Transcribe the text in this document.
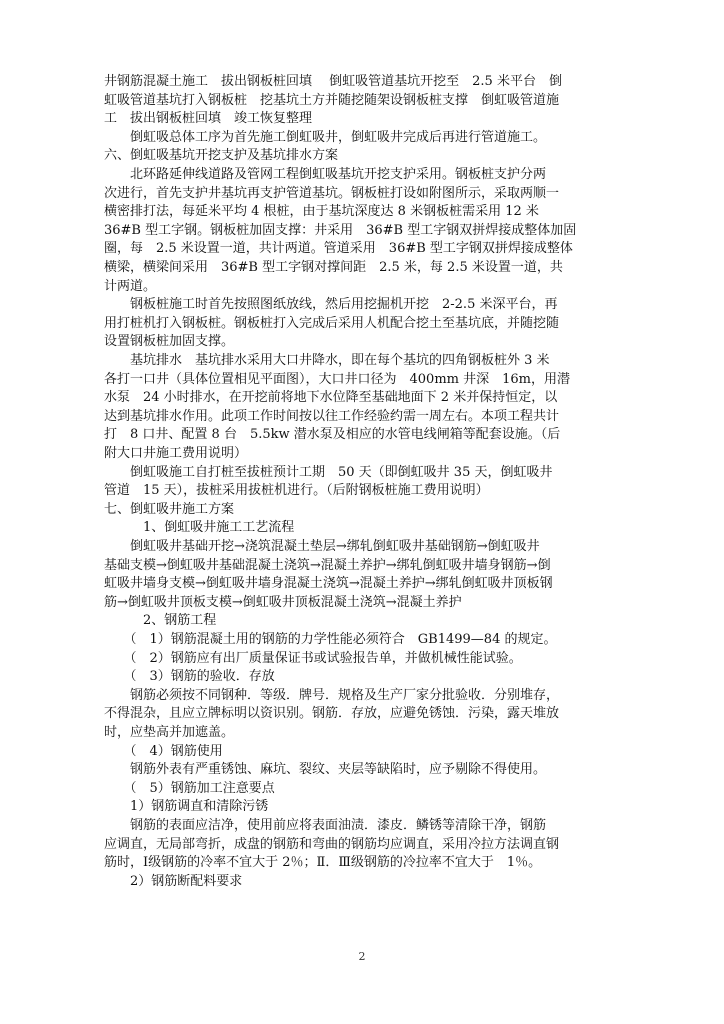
井钢筋混凝土施工　拔出钢板桩回填　 倒虹吸管道基坑开挖至　2.5 米平台　倒
虹吸管道基坑打入钢板桩　挖基坑土方并随挖随架设钢板桩支撑　倒虹吸管道施
工　拔出钢板桩回填　竣工恢复整理
　　倒虹吸总体工序为首先施工倒虹吸井，倒虹吸井完成后再进行管道施工。
六、倒虹吸基坑开挖支护及基坑排水方案
　　北环路延伸线道路及管网工程倒虹吸基坑开挖支护采用。钢板桩支护分两
次进行，首先支护井基坑再支护管道基坑。钢板桩打设如附图所示，采取两顺一
横密排打法，每延米平均 4 根桩，由于基坑深度达 8 米钢板桩需采用 12 米
36#B 型工字钢。钢板桩加固支撑：井采用　36#B 型工字钢双拼焊接成整体加固
圈，每　2.5 米设置一道，共计两道。管道采用　36#B 型工字钢双拼焊接成整体
横梁，横梁间采用　36#B 型工字钢对撑间距　2.5 米，每 2.5 米设置一道，共
计两道。
　　钢板桩施工时首先按照图纸放线，然后用挖掘机开挖　2-2.5 米深平台，再
用打桩机打入钢板桩。钢板桩打入完成后采用人机配合挖土至基坑底，并随挖随
设置钢板桩加固支撑。
　　基坑排水　基坑排水采用大口井降水，即在每个基坑的四角钢板桩外 3 米
各打一口井（具体位置相见平面图），大口井口径为　400mm 井深　16m，用潜
水泵　24 小时排水，在开挖前将地下水位降至基础地面下 2 米并保持恒定，以
达到基坑排水作用。此项工作时间按以往工作经验约需一周左右。本项工程共计
打　8 口井、配置 8 台　5.5kw 潜水泵及相应的水管电线闸箱等配套设施。（后
附大口井施工费用说明）
　　倒虹吸施工自打桩至拔桩预计工期　50 天（即倒虹吸井 35 天，倒虹吸井
管道　15 天），拔桩采用拔桩机进行。（后附钢板桩施工费用说明）
七、倒虹吸井施工方案
　　　1、倒虹吸井施工工艺流程
　　倒虹吸井基础开挖→浇筑混凝土垫层→绑轧倒虹吸井基础钢筋→倒虹吸井
基础支模→倒虹吸井基础混凝土浇筑→混凝土养护→绑轧倒虹吸井墙身钢筋→倒
虹吸井墙身支模→倒虹吸井墙身混凝土浇筑→混凝土养护→绑轧倒虹吸井顶板钢
筋→倒虹吸井顶板支模→倒虹吸井顶板混凝土浇筑→混凝土养护
　　　2、钢筋工程
　　（　1）钢筋混凝土用的钢筋的力学性能必须符合　GB1499—84 的规定。
　　（　2）钢筋应有出厂质量保证书或试验报告单，并做机械性能试验。
　　（　3）钢筋的验收．存放
　　钢筋必须按不同钢种．等级．牌号．规格及生产厂家分批验收．分别堆存，
不得混杂，且应立牌标明以资识别。钢筋．存放，应避免锈蚀．污染，露天堆放
时，应垫高并加遮盖。
　　（　4）钢筋使用
　　钢筋外表有严重锈蚀、麻坑、裂纹、夹层等缺陷时，应予剔除不得使用。
　　（　5）钢筋加工注意要点
　　1）钢筋调直和清除污锈
　　钢筋的表面应洁净，使用前应将表面油渍．漆皮．鳞锈等清除干净，钢筋
应调直，无局部弯折，成盘的钢筋和弯曲的钢筋均应调直，采用冷拉方法调直钢
筋时，Ⅰ级钢筋的冷率不宜大于 2％；Ⅱ．Ⅲ级钢筋的冷拉率不宜大于　1％。
　　2）钢筋断配料要求
2
